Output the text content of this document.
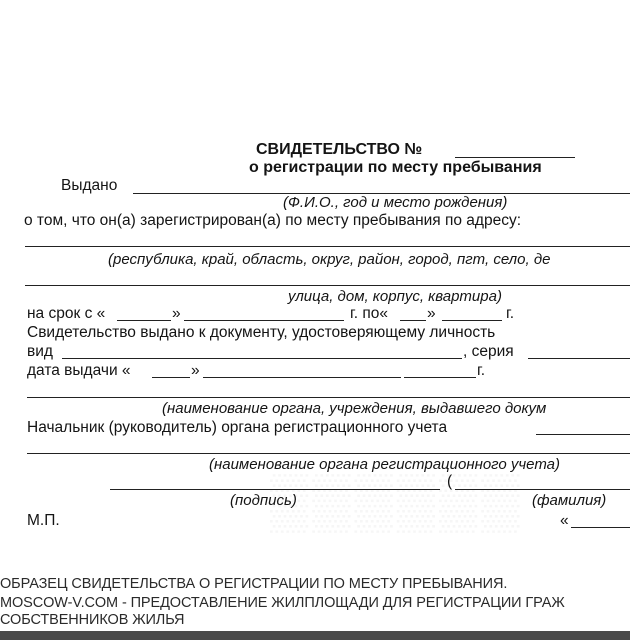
СВИДЕТЕЛЬСТВО №
о регистрации по месту пребывания
Выдано
(Ф.И.О., год и место рождения)
о том, что он(а) зарегистрирован(а) по месту пребывания по адресу:
(республика, край, область, округ, район, город, пгт, село, де
улица, дом, корпус, квартира)
на срок с «	»	г. по«	»	г.
Свидетельство выдано к документу, удостоверяющему личность
вид	, серия
дата выдачи «	»	г.
(наименование органа, учреждения, выдавшего докум
Начальник (руководитель) органа регистрационного учета
(наименование органа регистрационного учета)
(
(подпись)	(фамилия)
М.П.	«
ОБРАЗЕЦ СВИДЕТЕЛЬСТВА О РЕГИСТРАЦИИ ПО МЕСТУ ПРЕБЫВАНИЯ.
MOSCOW-V.COM - ПРЕДОСТАВЛЕНИЕ ЖИЛПЛОЩАДИ ДЛЯ РЕГИСТРАЦИИ ГРАЖ
СОБСТВЕННИКОВ ЖИЛЬЯ
